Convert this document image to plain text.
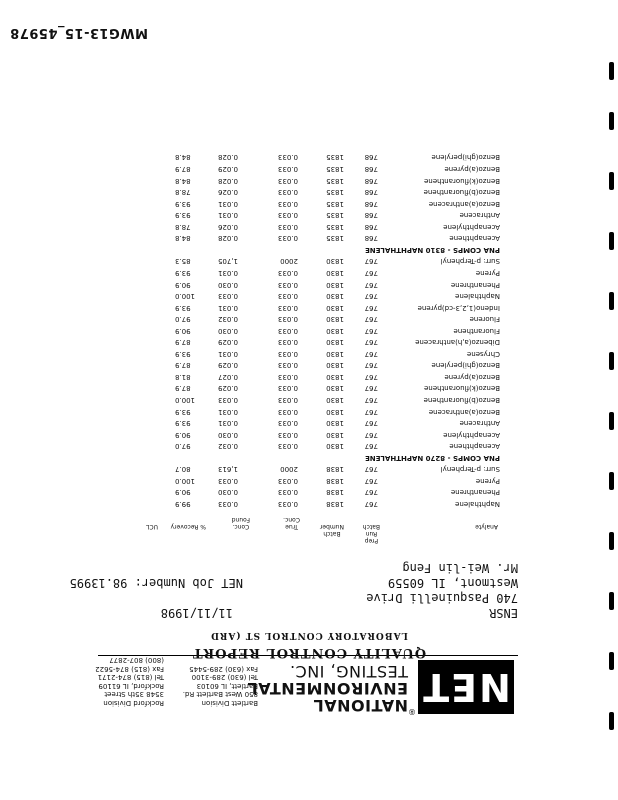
NET
®
NATIONAL
ENVIRONMENTAL
TESTING, INC.
Bartlett Division
850 West Bartlett Rd.
Bartlett, IL 60103
Tel (630) 289-3100
Fax (630) 289-5445
Rockford Division
3548 35th Street
Rockford, IL 61109
Tel (815) 874-2171
Fax (815) 874-5622
(800) 807-2877
QUALITY CONTROL REPORT
LABORATORY CONTROL ST (ARD
ENSR
740 Pasquinelli Drive
Westmont, IL 60559
Mr. Wei-lin Feng
11/11/1998
NET Job Number: 98.13995
Analyte
Prep
Run
Batch
Batch
Number
True
Conc.
Conc.
Found
% Recovery
UCL
Naphthalene
767
1838
0.033
0.033
99.9
Phenanthrene
767
1838
0.033
0.030
90.9
Pyrene
767
1838
0.033
0.033
100.0
Surr: p-Terphenyl
767
1838
2000
1,613
80.7
PNA COMPS - 8270 NAPHTHALENE
Acenaphthene
767
1830
0.033
0.032
97.0
Acenaphthylene
767
1830
0.033
0.030
90.9
Anthracene
767
1830
0.033
0.031
93.9
Benzo(a)anthracene
767
1830
0.033
0.031
93.9
Benzo(b)fluoranthene
767
1830
0.033
0.033
100.0
Benzo(k)fluoranthene
767
1830
0.033
0.029
87.9
Benzo(a)pyrene
767
1830
0.033
0.027
81.8
Benzo(ghi)perylene
767
1830
0.033
0.029
87.9
Chrysene
767
1830
0.033
0.031
93.9
Dibenzo(a,h)anthracene
767
1830
0.033
0.029
87.9
Fluoranthene
767
1830
0.033
0.030
90.9
Fluorene
767
1830
0.033
0.032
97.0
Indeno(1,2,3-cd)pyrene
767
1830
0.033
0.031
93.9
Naphthalene
767
1830
0.033
0.033
100.0
Phenanthrene
767
1830
0.033
0.030
90.9
Pyrene
767
1830
0.033
0.031
93.9
Surr: p-Terphenyl
767
1830
2000
1,705
85.3
PNA COMPS - 8310 NAPHTHALENE
Acenaphthene
768
1835
0.033
0.028
84.8
Acenaphthylene
768
1835
0.033
0.026
78.8
Anthracene
768
1835
0.033
0.031
93.9
Benzo(a)anthracene
768
1835
0.033
0.031
93.9
Benzo(b)fluoranthene
768
1835
0.033
0.026
78.8
Benzo(k)fluoranthene
768
1835
0.033
0.028
84.8
Benzo(a)pyrene
768
1835
0.033
0.029
87.9
Benzo(ghi)perylene
768
1835
0.033
0.028
84.8
MWG13-15_45978
